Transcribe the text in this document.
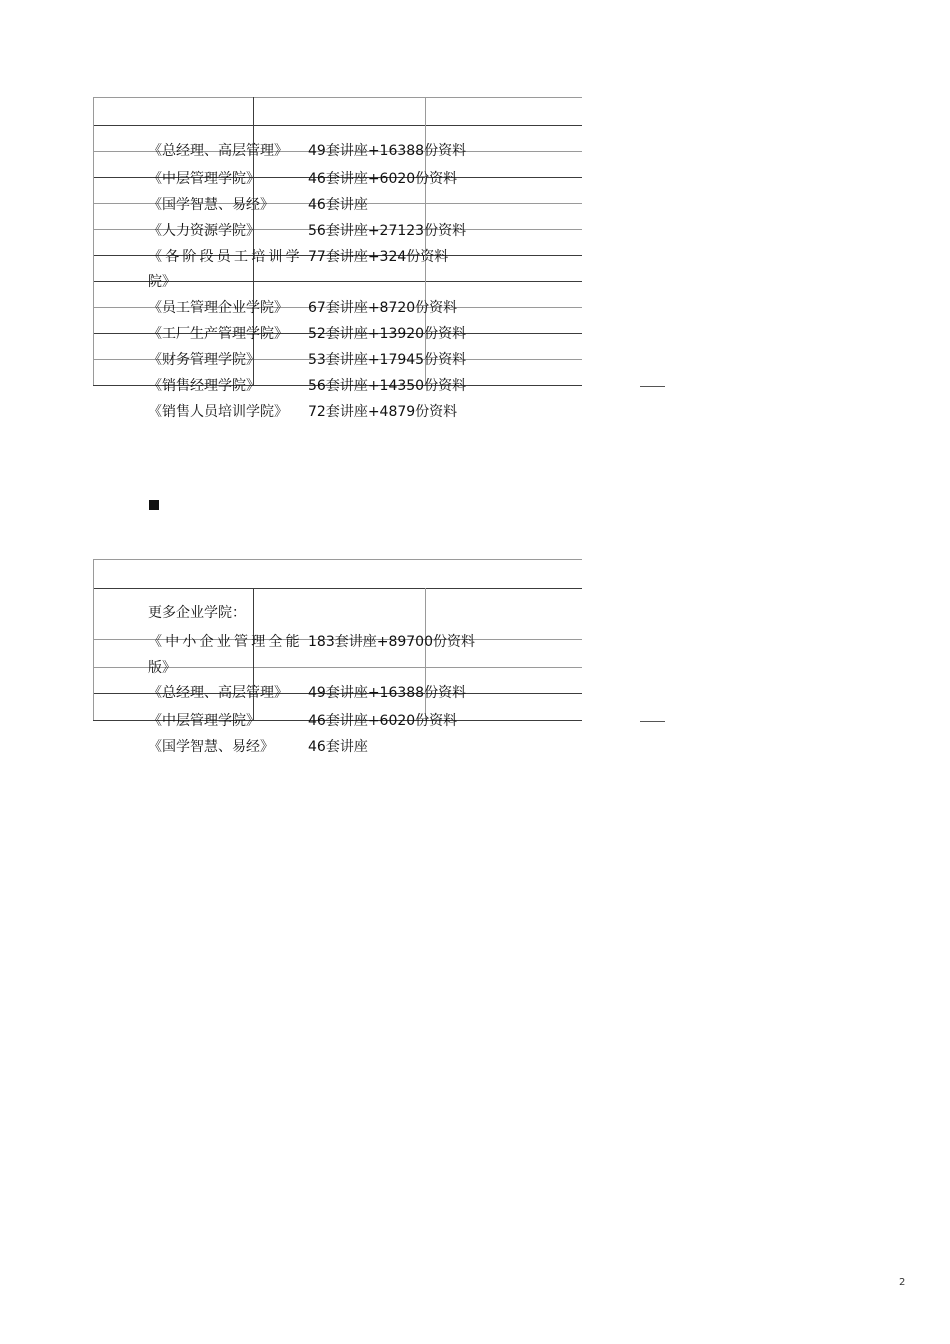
《总经理、高层管理》 49套讲座+16388份资料
《中层管理学院》	46套讲座+6020份资料
《国学智慧、易经》 46套讲座
《人力资源学院》	56套讲座+27123份资料
《各阶段员工培训学 77套讲座+324份资料
院》
《员工管理企业学院》 67套讲座+8720份资料
《工厂生产管理学院》 52套讲座+13920份资料
《财务管理学院》	53套讲座+17945份资料
《销售经理学院》	56套讲座+14350份资料
《销售人员培训学院》 72套讲座+4879份资料
更多企业学院：
《中小企业管理全能 183套讲座+89700份资料
版》
《总经理、高层管理》 49套讲座+16388份资料
《中层管理学院》	46套讲座+6020份资料
《国学智慧、易经》 46套讲座
2
